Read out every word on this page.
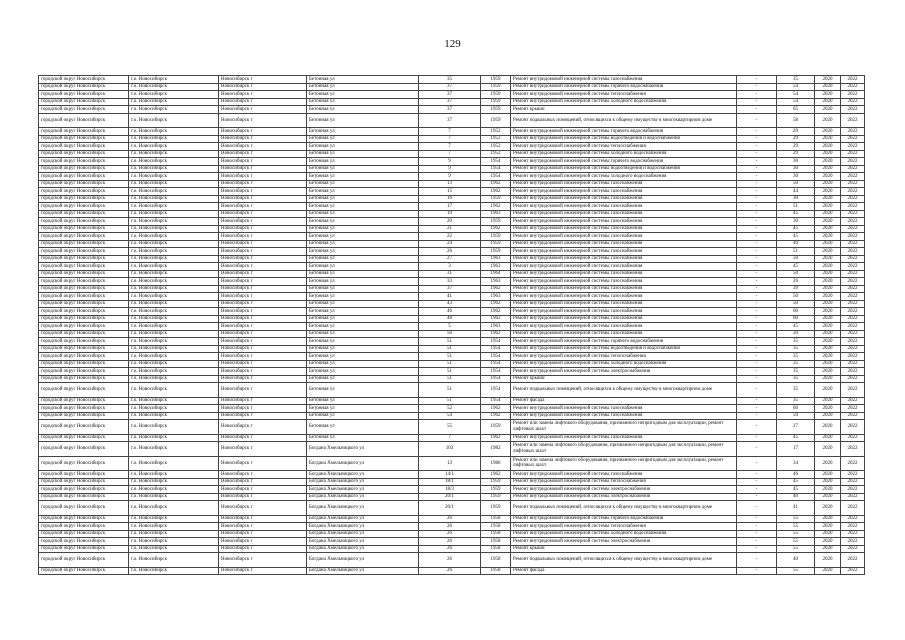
129
городской округ Новосибирск	г.о. Новосибирск	Новосибирск г	Бетонная ул	35	1959	Ремонт внутридомовой инженерной системы газоснабжения	-	35	2020	2022
городской округ Новосибирск	г.о. Новосибирск	Новосибирск г	Бетонная ул	37	1959	Ремонт внутридомовой инженерной системы горячего водоснабжения	-	54	2020	2022
городской округ Новосибирск	г.о. Новосибирск	Новосибирск г	Бетонная ул	37	1959	Ремонт внутридомовой инженерной системы теплоснабжения	-	54	2020	2022
городской округ Новосибирск	г.о. Новосибирск	Новосибирск г	Бетонная ул	37	1959	Ремонт внутридомовой инженерной системы холодного водоснабжения	-	54	2020	2022
городской округ Новосибирск	г.о. Новосибирск	Новосибирск г	Бетонная ул	37	1959	Ремонт крыши	-	65	2020	2022
городской округ Новосибирск	г.о. Новосибирск	Новосибирск г	Бетонная ул	37	1959	Ремонт подвальных помещений, относящихся к общему имуществу в многоквартирном доме	-	58	2020	2022
городской округ Новосибирск	г.о. Новосибирск	Новосибирск г	Бетонная ул	7	1952	Ремонт внутридомовой инженерной системы горячего водоснабжения	-	29	2020	2022
городской округ Новосибирск	г.о. Новосибирск	Новосибирск г	Бетонная ул	7	1952	Ремонт внутридомовой инженерной системы водоотведения и водоснабжения	-	29	2020	2022
городской округ Новосибирск	г.о. Новосибирск	Новосибирск г	Бетонная ул	7	1952	Ремонт внутридомовой инженерной системы теплоснабжения	-	29	2020	2022
городской округ Новосибирск	г.о. Новосибирск	Новосибирск г	Бетонная ул	7	1952	Ремонт внутридомовой инженерной системы холодного водоснабжения	-	29	2020	2022
городской округ Новосибирск	г.о. Новосибирск	Новосибирск г	Бетонная ул	9	1954	Ремонт внутридомовой инженерной системы горячего водоснабжения	-	30	2020	2022
городской округ Новосибирск	г.о. Новосибирск	Новосибирск г	Бетонная ул	9	1954	Ремонт внутридомовой инженерной системы водоотведения и водоснабжения	-	30	2020	2022
городской округ Новосибирск	г.о. Новосибирск	Новосибирск г	Бетонная ул	9	1954	Ремонт внутридомовой инженерной системы холодного водоснабжения	-	30	2020	2022
городской округ Новосибирск	г.о. Новосибирск	Новосибирск г	Бетонная ул	13	1962	Ремонт внутридомовой инженерной системы газоснабжения	-	50	2020	2022
городской округ Новосибирск	г.о. Новосибирск	Новосибирск г	Бетонная ул	15	1962	Ремонт внутридомовой инженерной системы газоснабжения	-	44	2020	2022
городской округ Новосибирск	г.о. Новосибирск	Новосибирск г	Бетонная ул	16	1959	Ремонт внутридомовой инженерной системы газоснабжения	-	30	2020	2022
городской округ Новосибирск	г.о. Новосибирск	Новосибирск г	Бетонная ул	17	1962	Ремонт внутридомовой инженерной системы газоснабжения	-	51	2020	2022
городской округ Новосибирск	г.о. Новосибирск	Новосибирск г	Бетонная ул	19	1963	Ремонт внутридомовой инженерной системы газоснабжения	-	45	2020	2022
городской округ Новосибирск	г.о. Новосибирск	Новосибирск г	Бетонная ул	20	1959	Ремонт внутридомовой инженерной системы газоснабжения	-	30	2020	2022
городской округ Новосибирск	г.о. Новосибирск	Новосибирск г	Бетонная ул	21	1962	Ремонт внутридомовой инженерной системы газоснабжения	-	45	2020	2022
городской округ Новосибирск	г.о. Новосибирск	Новосибирск г	Бетонная ул	22	1959	Ремонт внутридомовой инженерной системы газоснабжения	-	45	2020	2022
городской округ Новосибирск	г.о. Новосибирск	Новосибирск г	Бетонная ул	24	1959	Ремонт внутридомовой инженерной системы газоснабжения	-	40	2020	2022
городской округ Новосибирск	г.о. Новосибирск	Новосибирск г	Бетонная ул	26	1959	Ремонт внутридомовой инженерной системы газоснабжения	-	51	2020	2022
городской округ Новосибирск	г.о. Новосибирск	Новосибирск г	Бетонная ул	27	1963	Ремонт внутридомовой инженерной системы газоснабжения	-	50	2020	2022
городской округ Новосибирск	г.о. Новосибирск	Новосибирск г	Бетонная ул	3	1963	Ремонт внутридомовой инженерной системы газоснабжения	-	45	2020	2022
городской округ Новосибирск	г.о. Новосибирск	Новосибирск г	Бетонная ул	31	1964	Ремонт внутридомовой инженерной системы газоснабжения	-	50	2020	2022
городской округ Новосибирск	г.о. Новосибирск	Новосибирск г	Бетонная ул	33	1963	Ремонт внутридомовой инженерной системы газоснабжения	-	26	2020	2022
городской округ Новосибирск	г.о. Новосибирск	Новосибирск г	Бетонная ул	37	1962	Ремонт внутридомовой инженерной системы газоснабжения	-	39	2020	2022
городской округ Новосибирск	г.о. Новосибирск	Новосибирск г	Бетонная ул	41	1963	Ремонт внутридомовой инженерной системы газоснабжения	-	50	2020	2022
городской округ Новосибирск	г.о. Новосибирск	Новосибирск г	Бетонная ул	43	1962	Ремонт внутридомовой инженерной системы газоснабжения	-	50	2020	2022
городской округ Новосибирск	г.о. Новосибирск	Новосибирск г	Бетонная ул	46	1962	Ремонт внутридомовой инженерной системы газоснабжения	-	60	2020	2022
городской округ Новосибирск	г.о. Новосибирск	Новосибирск г	Бетонная ул	48	1962	Ремонт внутридомовой инженерной системы газоснабжения	-	60	2020	2022
городской округ Новосибирск	г.о. Новосибирск	Новосибирск г	Бетонная ул	5	1963	Ремонт внутридомовой инженерной системы газоснабжения	-	45	2020	2022
городской округ Новосибирск	г.о. Новосибирск	Новосибирск г	Бетонная ул	50	1962	Ремонт внутридомовой инженерной системы газоснабжения	-	20	2020	2022
городской округ Новосибирск	г.о. Новосибирск	Новосибирск г	Бетонная ул	51	1954	Ремонт внутридомовой инженерной системы горячего водоснабжения	-	35	2020	2022
городской округ Новосибирск	г.о. Новосибирск	Новосибирск г	Бетонная ул	51	1954	Ремонт внутридомовой инженерной системы водоотведения и водоснабжения	-	35	2020	2022
городской округ Новосибирск	г.о. Новосибирск	Новосибирск г	Бетонная ул	51	1954	Ремонт внутридомовой инженерной системы теплоснабжения	-	35	2020	2022
городской округ Новосибирск	г.о. Новосибирск	Новосибирск г	Бетонная ул	51	1954	Ремонт внутридомовой инженерной системы холодного водоснабжения	-	35	2020	2022
городской округ Новосибирск	г.о. Новосибирск	Новосибирск г	Бетонная ул	51	1954	Ремонт внутридомовой инженерной системы электроснабжения	-	35	2020	2022
городской округ Новосибирск	г.о. Новосибирск	Новосибирск г	Бетонная ул	51	1954	Ремонт крыши	-	35	2020	2022
городской округ Новосибирск	г.о. Новосибирск	Новосибирск г	Бетонная ул	51	1954	Ремонт подвальных помещений, относящихся к общему имуществу в многоквартирном доме	-	35	2020	2022
городской округ Новосибирск	г.о. Новосибирск	Новосибирск г	Бетонная ул	51	1954	Ремонт фасада	-	35	2020	2022
городской округ Новосибирск	г.о. Новосибирск	Новосибирск г	Бетонная ул	52	1962	Ремонт внутридомовой инженерной системы газоснабжения	-	60	2020	2022
городской округ Новосибирск	г.о. Новосибирск	Новосибирск г	Бетонная ул	54	1962	Ремонт внутридомовой инженерной системы газоснабжения	-	59	2020	2022
городской округ Новосибирск	г.о. Новосибирск	Новосибирск г	Бетонная ул	55	1959	Ремонт или замена лифтового оборудования, признанного непригодным для эксплуатации, ремонт лифтовых шахт	-	27	2020	2022
городской округ Новосибирск	г.о. Новосибирск	Новосибирск г	Бетонная ул	7	1962	Ремонт внутридомовой инженерной системы газоснабжения	-	45	2020	2022
городской округ Новосибирск	г.о. Новосибирск	Новосибирск г	Богдана Хмельницкого ул	103	1982	Ремонт или замена лифтового оборудования, признанного непригодным для эксплуатации, ремонт лифтовых шахт	-	17	2020	2022
городской округ Новосибирск	г.о. Новосибирск	Новосибирск г	Богдана Хмельницкого ул	13	1986	Ремонт или замена лифтового оборудования, признанного непригодным для эксплуатации, ремонт лифтовых шахт	-	34	2020	2022
городской округ Новосибирск	г.о. Новосибирск	Новосибирск г	Богдана Хмельницкого ул	14/1	1962	Ремонт внутридомовой инженерной системы газоснабжения	-	46	2020	2022
городской округ Новосибирск	г.о. Новосибирск	Новосибирск г	Богдана Хмельницкого ул	18/1	1959	Ремонт внутридомовой инженерной системы теплоснабжения	-	45	2020	2022
городской округ Новосибирск	г.о. Новосибирск	Новосибирск г	Богдана Хмельницкого ул	18/3	1959	Ремонт внутридомовой инженерной системы электроснабжения	-	45	2020	2022
городской округ Новосибирск	г.о. Новосибирск	Новосибирск г	Богдана Хмельницкого ул	20/1	1959	Ремонт внутридомовой инженерной системы электроснабжения	-	40	2020	2022
городской округ Новосибирск	г.о. Новосибирск	Новосибирск г	Богдана Хмельницкого ул	20/1	1959	Ремонт подвальных помещений, относящихся к общему имуществу в многоквартирном доме	-	41	2020	2022
городской округ Новосибирск	г.о. Новосибирск	Новосибирск г	Богдана Хмельницкого ул	26	1958	Ремонт внутридомовой инженерной системы горячего водоснабжения	-	55	2020	2022
городской округ Новосибирск	г.о. Новосибирск	Новосибирск г	Богдана Хмельницкого ул	26	1958	Ремонт внутридомовой инженерной системы теплоснабжения	-	55	2020	2022
городской округ Новосибирск	г.о. Новосибирск	Новосибирск г	Богдана Хмельницкого ул	26	1958	Ремонт внутридомовой инженерной системы холодного водоснабжения	-	55	2020	2022
городской округ Новосибирск	г.о. Новосибирск	Новосибирск г	Богдана Хмельницкого ул	26	1958	Ремонт внутридомовой инженерной системы электроснабжения	-	55	2020	2022
городской округ Новосибирск	г.о. Новосибирск	Новосибирск г	Богдана Хмельницкого ул	26	1958	Ремонт крыши	-	55	2020	2022
городской округ Новосибирск	г.о. Новосибирск	Новосибирск г	Богдана Хмельницкого ул	26	1958	Ремонт подвальных помещений, относящихся к общему имуществу в многоквартирном доме	-	40	2020	2022
городской округ Новосибирск	г.о. Новосибирск	Новосибирск г	Богдана Хмельницкого ул	26	1958	Ремонт фасада	-	55	2020	2022
